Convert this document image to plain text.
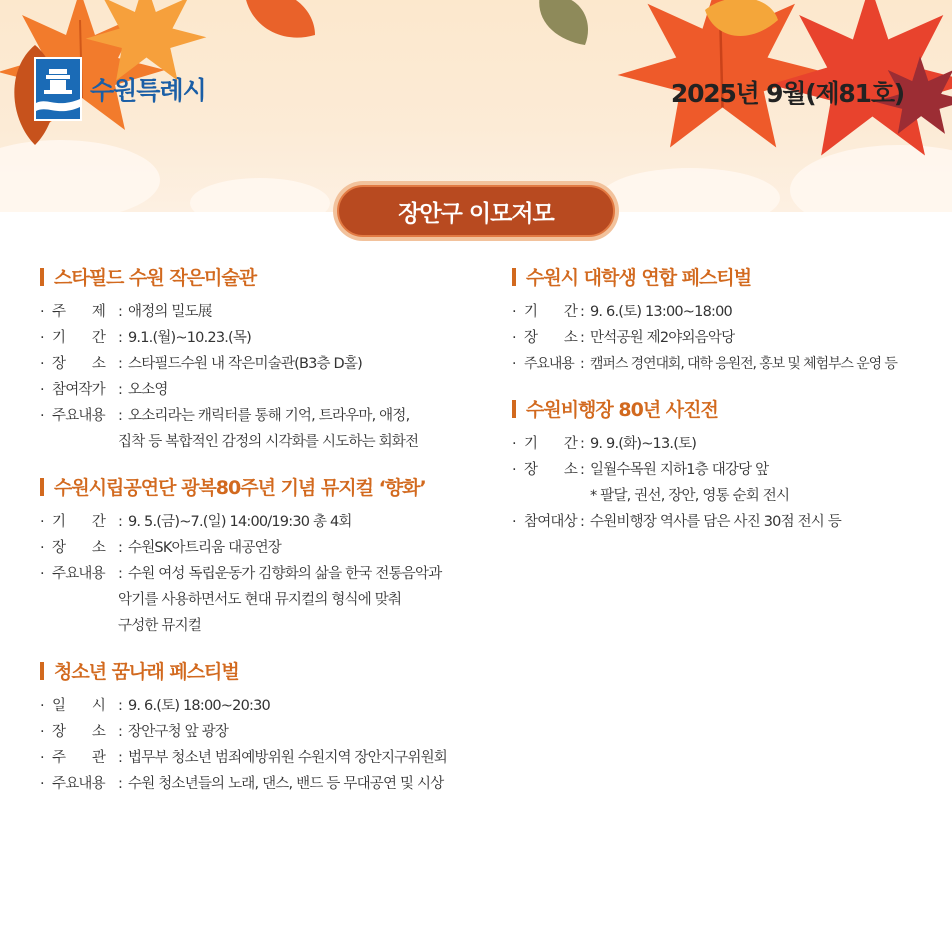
수원특례시	2025년 9월(제81호)
장안구 이모저모
스타필드 수원 작은미술관
· 주       제 : 애정의 밀도展
· 기       간 : 9.1.(월)~10.23.(목)
· 장       소 : 스타필드수원 내 작은미술관(B3층 D홀)
· 참여작가 : 오소영
· 주요내용 : 오소리라는 캐릭터를 통해 기억, 트라우마, 애정,
집착 등 복합적인 감정의 시각화를 시도하는 회화전
수원시립공연단 광복80주년 기념 뮤지컬 ‘향화’
· 기       간 : 9. 5.(금)~7.(일) 14:00/19:30 총 4회
· 장       소 : 수원SK아트리움 대공연장
· 주요내용 : 수원 여성 독립운동가 김향화의 삶을 한국 전통음악과
악기를 사용하면서도 현대 뮤지컬의 형식에 맞춰
구성한 뮤지컬
청소년 꿈나래 페스티벌
· 일       시 : 9. 6.(토) 18:00~20:30
· 장       소 : 장안구청 앞 광장
· 주       관 : 법무부 청소년 범죄예방위원 수원지역 장안지구위원회
· 주요내용 : 수원 청소년들의 노래, 댄스, 밴드 등 무대공연 및 시상
수원시 대학생 연합 페스티벌
· 기       간 : 9. 6.(토) 13:00~18:00
· 장       소 : 만석공원 제2야외음악당
· 주요내용 : 캠퍼스 경연대회, 대학 응원전, 홍보 및 체험부스 운영 등
수원비행장 80년 사진전
· 기       간 : 9. 9.(화)~13.(토)
· 장       소 : 일월수목원 지하1층 대강당 앞
* 팔달, 권선, 장안, 영통 순회 전시
· 참여대상 : 수원비행장 역사를 담은 사진 30점 전시 등
